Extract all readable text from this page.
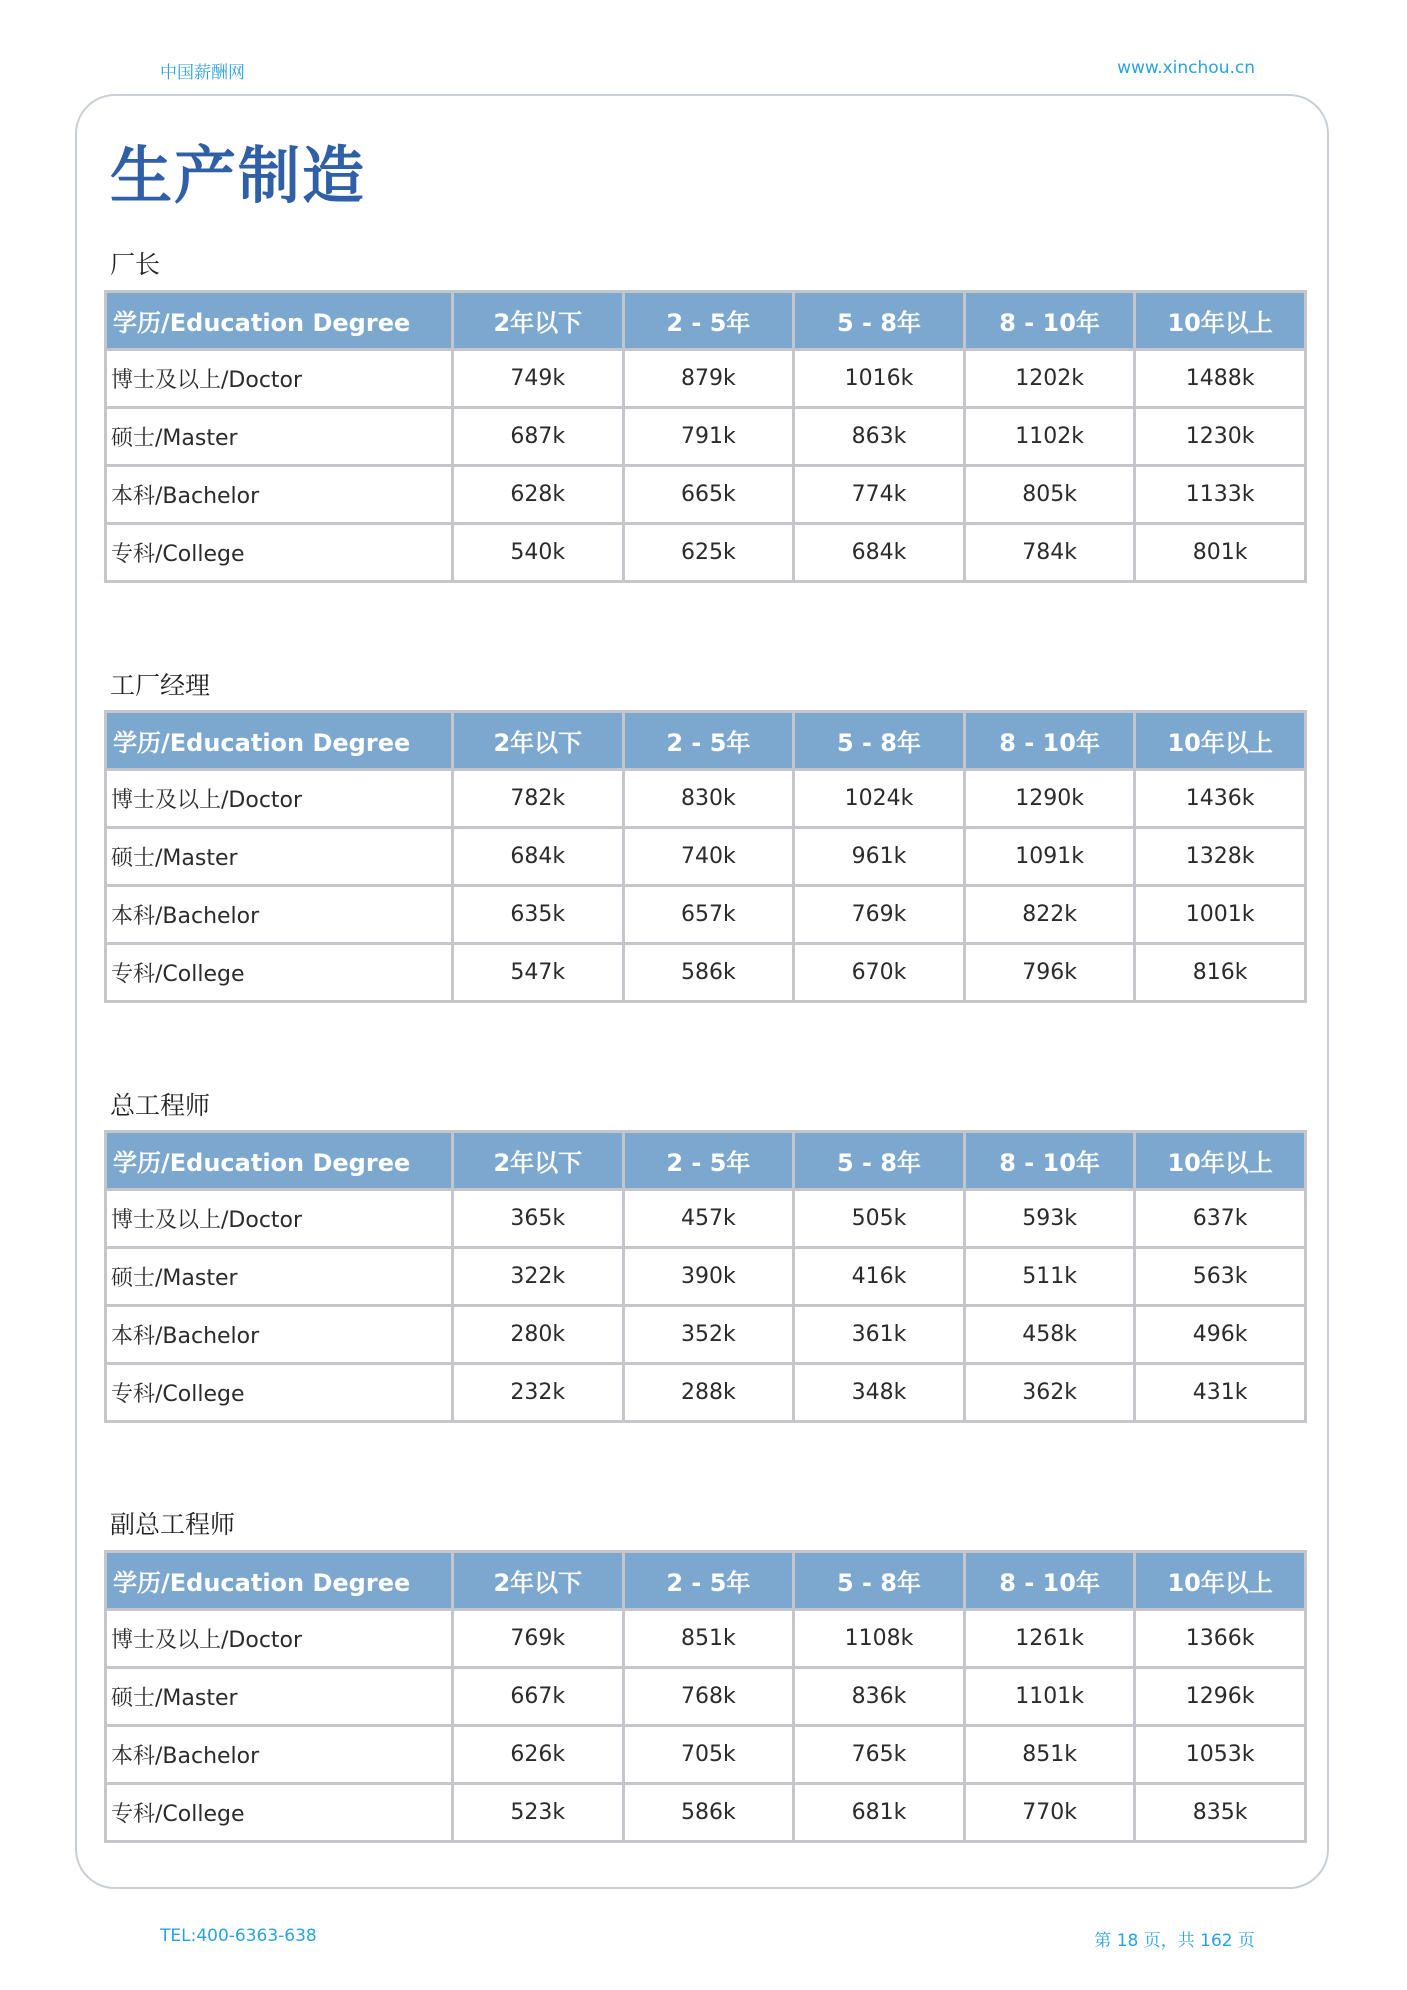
中国薪酬网	www.xinchou.cn
生产制造
厂长
学历/Education Degree	2年以下	2 - 5年	5 - 8年	8 - 10年	10年以上
博士及以上/Doctor	749k	879k	1016k	1202k	1488k
硕士/Master	687k	791k	863k	1102k	1230k
本科/Bachelor	628k	665k	774k	805k	1133k
专科/College	540k	625k	684k	784k	801k
工厂经理
学历/Education Degree	2年以下	2 - 5年	5 - 8年	8 - 10年	10年以上
博士及以上/Doctor	782k	830k	1024k	1290k	1436k
硕士/Master	684k	740k	961k	1091k	1328k
本科/Bachelor	635k	657k	769k	822k	1001k
专科/College	547k	586k	670k	796k	816k
总工程师
学历/Education Degree	2年以下	2 - 5年	5 - 8年	8 - 10年	10年以上
博士及以上/Doctor	365k	457k	505k	593k	637k
硕士/Master	322k	390k	416k	511k	563k
本科/Bachelor	280k	352k	361k	458k	496k
专科/College	232k	288k	348k	362k	431k
副总工程师
学历/Education Degree	2年以下	2 - 5年	5 - 8年	8 - 10年	10年以上
博士及以上/Doctor	769k	851k	1108k	1261k	1366k
硕士/Master	667k	768k	836k	1101k	1296k
本科/Bachelor	626k	705k	765k	851k	1053k
专科/College	523k	586k	681k	770k	835k
TEL:400-6363-638	第 18 页，共 162 页
